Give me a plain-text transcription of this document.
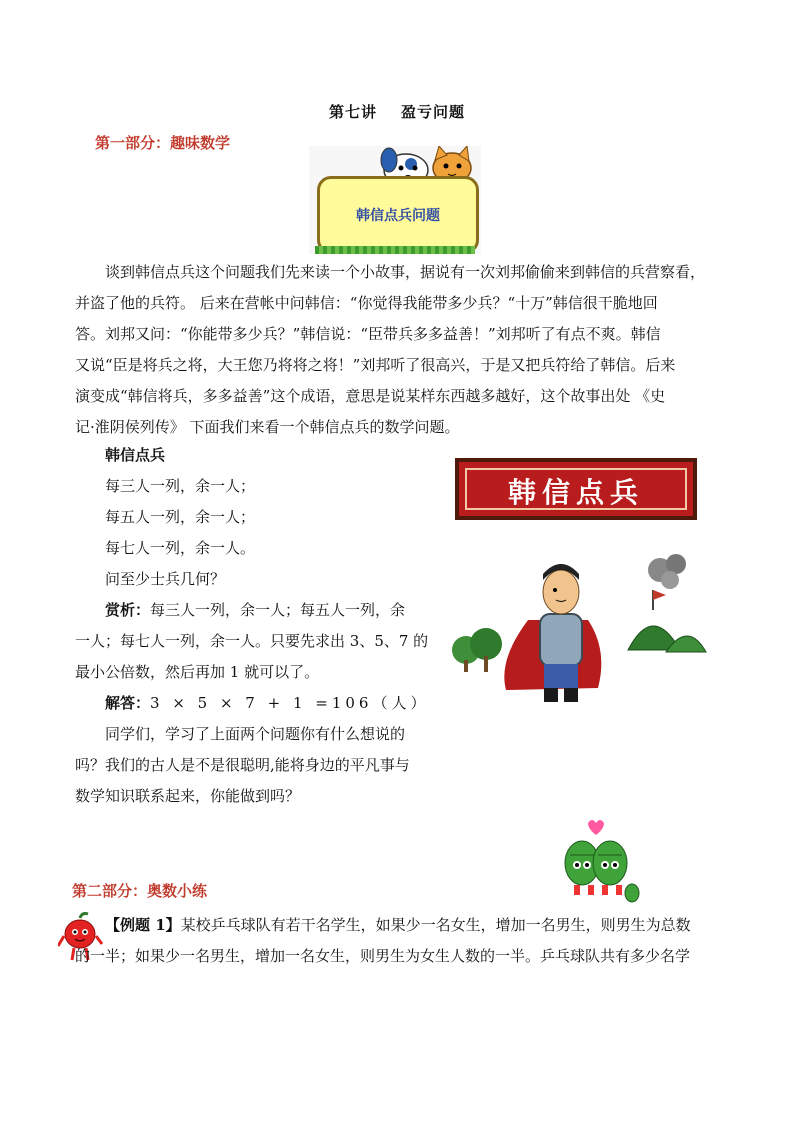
第七讲 盈亏问题
第一部分：趣味数学
韩信点兵问题
谈到韩信点兵这个问题我们先来读一个小故事，据说有一次刘邦偷偷来到韩信的兵营察看，
并盗了他的兵符。 后来在营帐中问韩信：“你觉得我能带多少兵？“十万”韩信很干脆地回
答。刘邦又问：“你能带多少兵？”韩信说：“臣带兵多多益善！”刘邦听了有点不爽。韩信
又说“臣是将兵之将，大王您乃将将之将！”刘邦听了很高兴，于是又把兵符给了韩信。后来
演变成“韩信将兵，多多益善”这个成语，意思是说某样东西越多越好，这个故事出处 《史
记·淮阴侯列传》 下面我们来看一个韩信点兵的数学问题。
韩信点兵
每三人一列，余一人；
每五人一列，余一人；
每七人一列，余一人。
问至少士兵几何？
赏析：每三人一列，余一人；每五人一列，余
一人；每七人一列，余一人。只要先求出 3、5、7 的
最小公倍数，然后再加 1 就可以了。
解答：3 × 5 × 7 + 1 =106（人）
同学们，学习了上面两个问题你有什么想说的
吗？我们的古人是不是很聪明,能将身边的平凡事与
数学知识联系起来，你能做到吗？
韩信点兵
第二部分：奥数小练
【例题 1】某校乒乓球队有若干名学生，如果少一名女生，增加一名男生，则男生为总数
的一半；如果少一名男生，增加一名女生，则男生为女生人数的一半。乒乓球队共有多少名学
